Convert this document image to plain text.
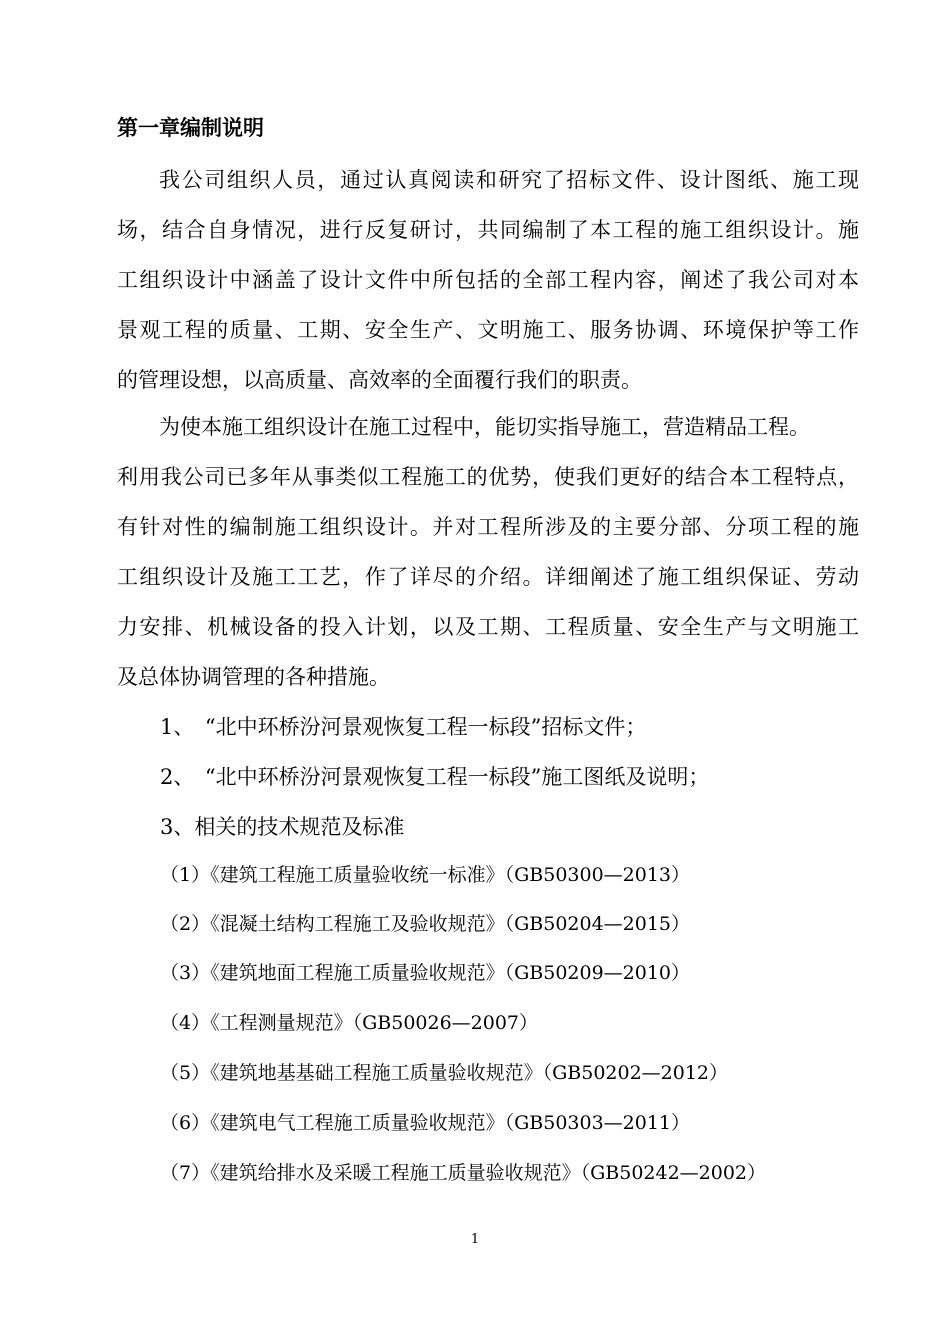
第一章编制说明
我公司组织人员，通过认真阅读和研究了招标文件、设计图纸、施工现
场，结合自身情况，进行反复研讨，共同编制了本工程的施工组织设计。施
工组织设计中涵盖了设计文件中所包括的全部工程内容，阐述了我公司对本
景观工程的质量、工期、安全生产、文明施工、服务协调、环境保护等工作
的管理设想，以高质量、高效率的全面覆行我们的职责。
为使本施工组织设计在施工过程中，能切实指导施工，营造精品工程。
利用我公司已多年从事类似工程施工的优势，使我们更好的结合本工程特点，
有针对性的编制施工组织设计。并对工程所涉及的主要分部、分项工程的施
工组织设计及施工工艺，作了详尽的介绍。详细阐述了施工组织保证、劳动
力安排、机械设备的投入计划，以及工期、工程质量、安全生产与文明施工
及总体协调管理的各种措施。
1、　“北中环桥汾河景观恢复工程一标段”招标文件；
2、　“北中环桥汾河景观恢复工程一标段”施工图纸及说明；
3、相关的技术规范及标准
（1）《建筑工程施工质量验收统一标准》（GB50300—2013）
（2）《混凝土结构工程施工及验收规范》（GB50204—2015）
（3）《建筑地面工程施工质量验收规范》（GB50209—2010）
（4）《工程测量规范》（GB50026—2007）
（5）《建筑地基基础工程施工质量验收规范》（GB50202—2012）
（6）《建筑电气工程施工质量验收规范》（GB50303—2011）
（7）《建筑给排水及采暖工程施工质量验收规范》（GB50242—2002）
1
